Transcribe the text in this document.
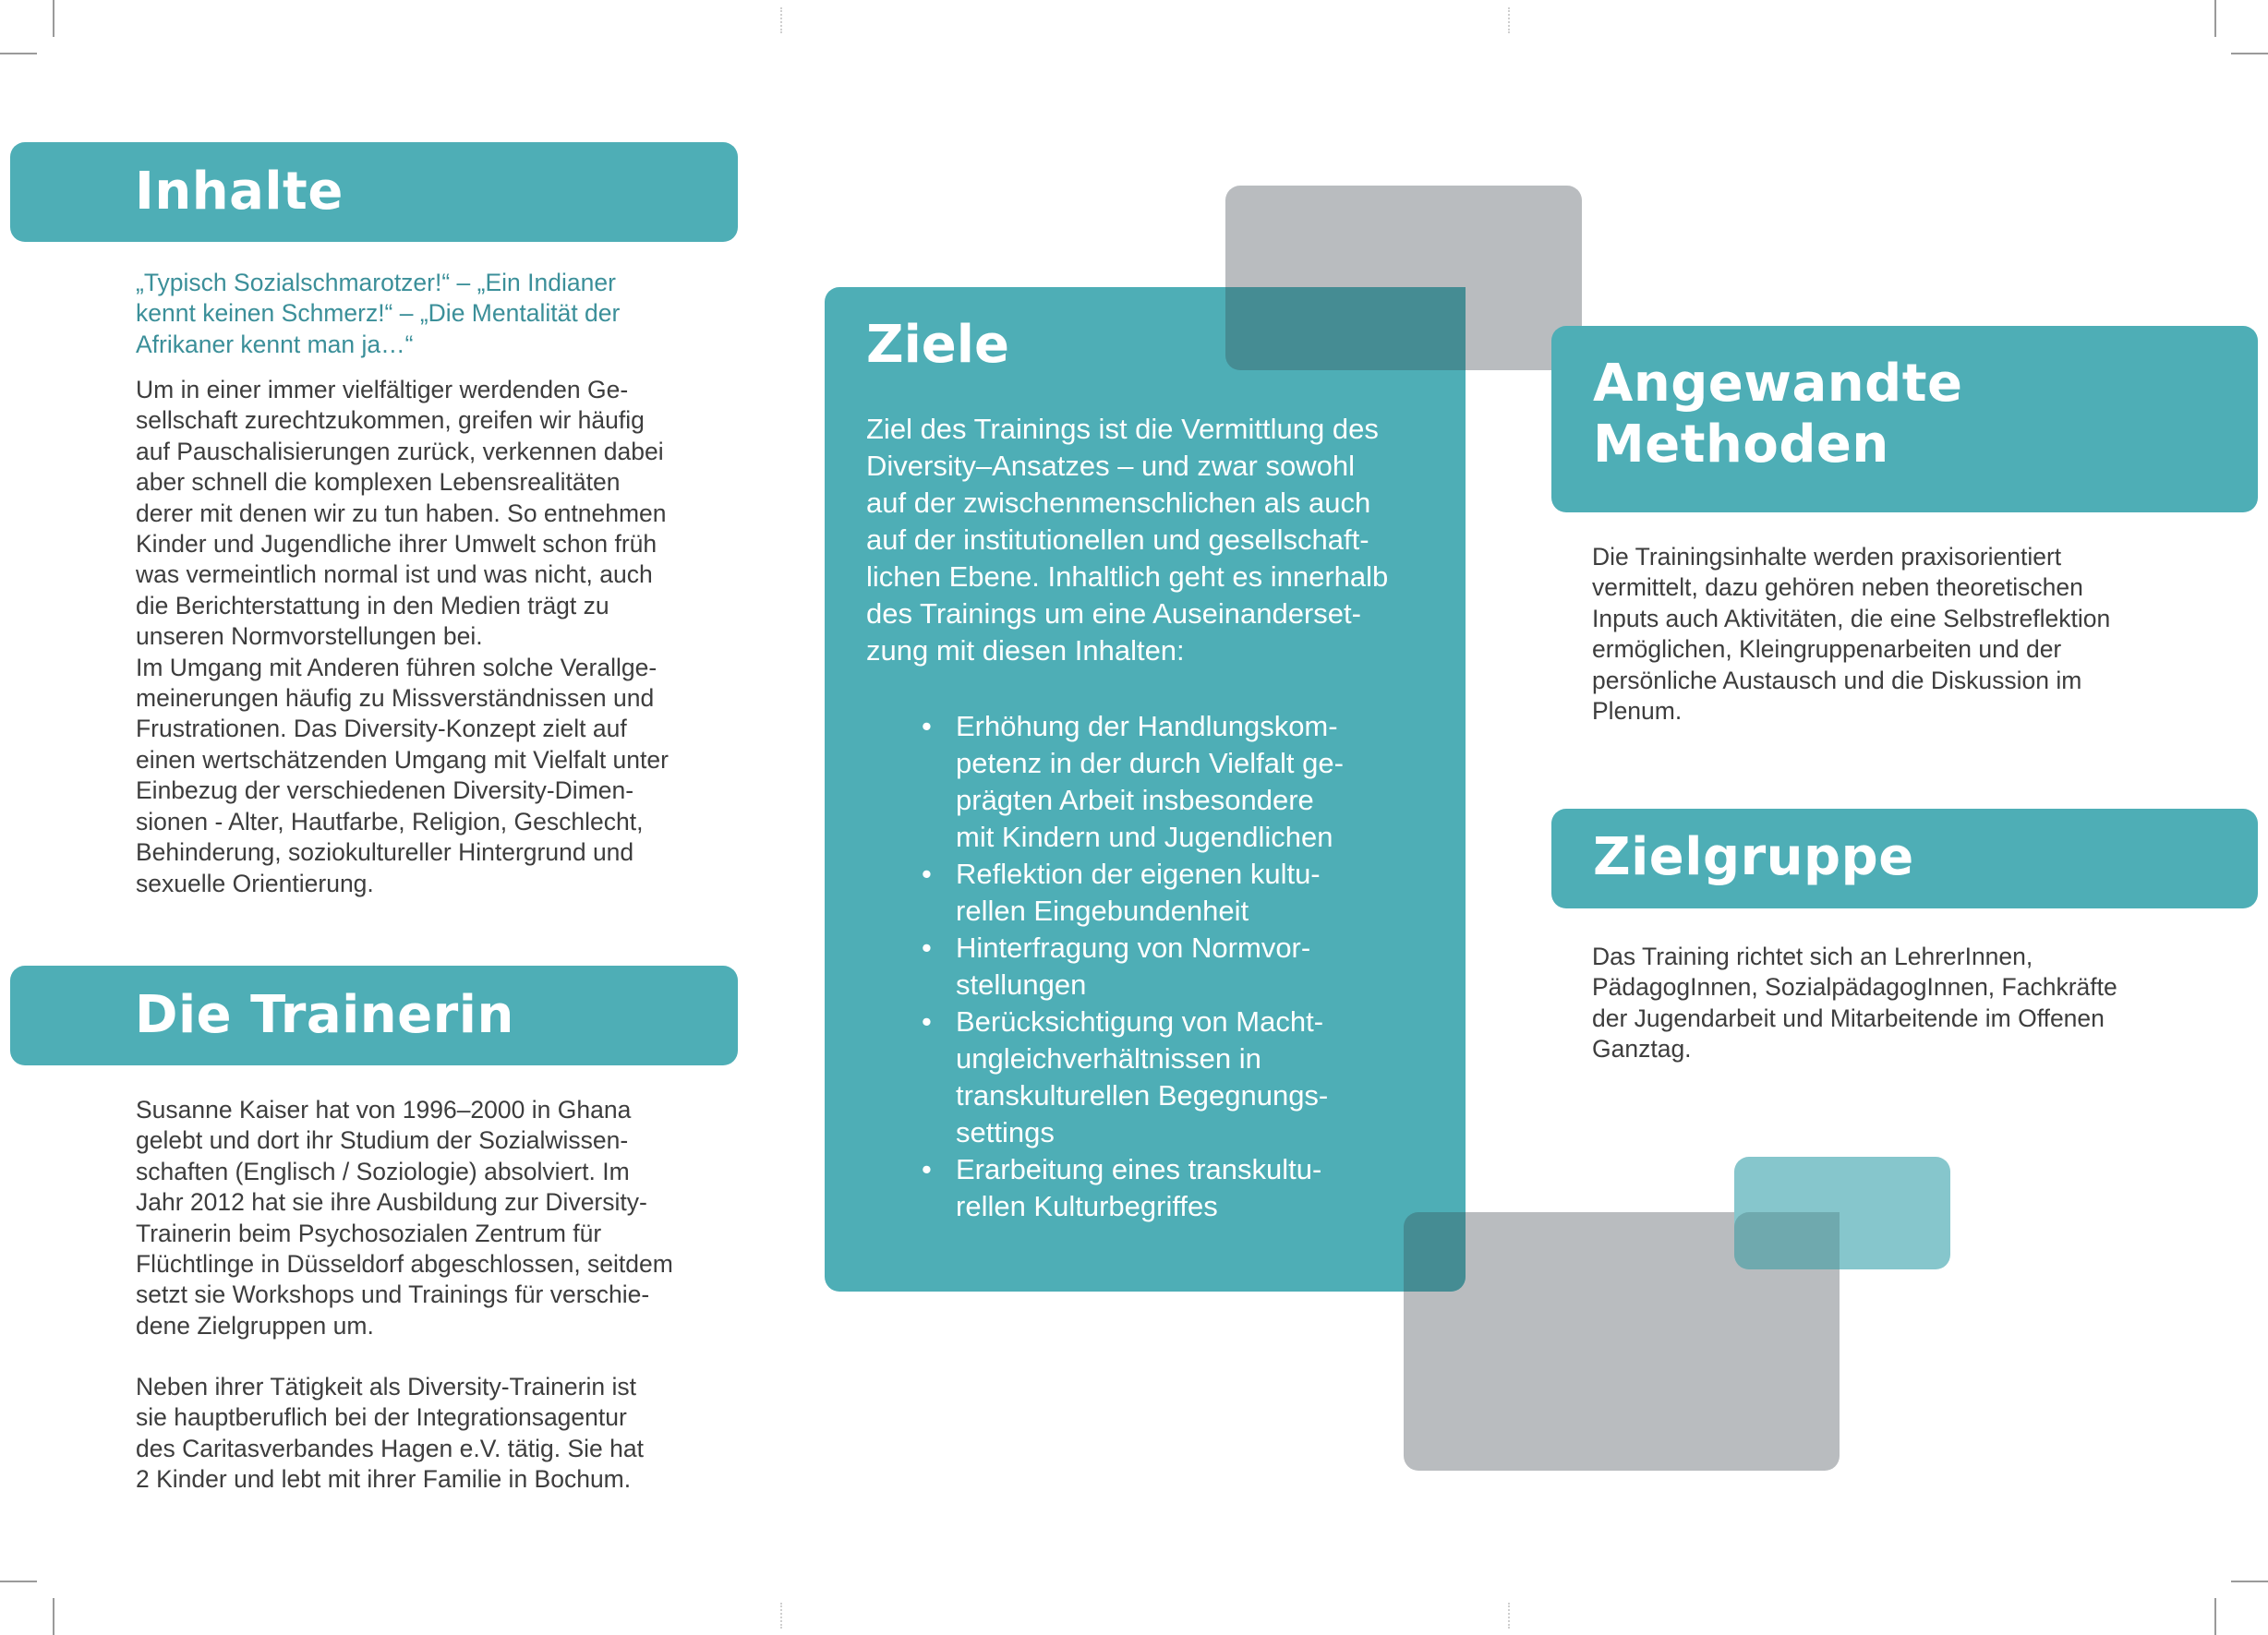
Inhalte

„Typisch Sozialschmarotzer!“ – „Ein Indianer
kennt keinen Schmerz!“ – „Die Mentalität der
Afrikaner kennt man ja…“

Um in einer immer vielfältiger werdenden Ge-
sellschaft zurechtzukommen, greifen wir häufig
auf Pauschalisierungen zurück, verkennen dabei
aber schnell die komplexen Lebensrealitäten
derer mit denen wir zu tun haben. So entnehmen
Kinder und Jugendliche ihrer Umwelt schon früh
was vermeintlich normal ist und was nicht, auch
die Berichterstattung in den Medien trägt zu
unseren Normvorstellungen bei.
Im Umgang mit Anderen führen solche Verallge-
meinerungen häufig zu Missverständnissen und
Frustrationen. Das Diversity-Konzept zielt auf
einen wertschätzenden Umgang mit Vielfalt unter
Einbezug der verschiedenen Diversity-Dimen-
sionen - Alter, Hautfarbe, Religion, Geschlecht,
Behinderung, soziokultureller Hintergrund und
sexuelle Orientierung.

Die Trainerin

Susanne Kaiser hat von 1996–2000 in Ghana
gelebt und dort ihr Studium der Sozialwissen-
schaften (Englisch / Soziologie) absolviert. Im
Jahr 2012 hat sie ihre Ausbildung zur Diversity-
Trainerin beim Psychosozialen Zentrum für
Flüchtlinge in Düsseldorf abgeschlossen, seitdem
setzt sie Workshops und Trainings für verschie-
dene Zielgruppen um.

Neben ihrer Tätigkeit als Diversity-Trainerin ist
sie hauptberuflich bei der Integrationsagentur
des Caritasverbandes Hagen e.V. tätig. Sie hat
2 Kinder und lebt mit ihrer Familie in Bochum.

Ziele

Ziel des Trainings ist die Vermittlung des
Diversity–Ansatzes – und zwar sowohl
auf der zwischenmenschlichen als auch
auf der institutionellen und gesellschaft-
lichen Ebene. Inhaltlich geht es innerhalb
des Trainings um eine Auseinanderset-
zung mit diesen Inhalten:

• Erhöhung der Handlungskom-
petenz in der durch Vielfalt ge-
prägten Arbeit insbesondere
mit Kindern und Jugendlichen
• Reflektion der eigenen kultu-
rellen Eingebundenheit
• Hinterfragung von Normvor-
stellungen
• Berücksichtigung von Macht-
ungleichverhältnissen in
transkulturellen Begegnungs-
settings
• Erarbeitung eines transkultu-
rellen Kulturbegriffes
Angewandte
Methoden

Die Trainingsinhalte werden praxisorientiert
vermittelt, dazu gehören neben theoretischen
Inputs auch Aktivitäten, die eine Selbstreflektion
ermöglichen, Kleingruppenarbeiten und der
persönliche Austausch und die Diskussion im
Plenum.

Zielgruppe

Das Training richtet sich an LehrerInnen,
PädagogInnen, SozialpädagogInnen, Fachkräfte
der Jugendarbeit und Mitarbeitende im Offenen
Ganztag.
